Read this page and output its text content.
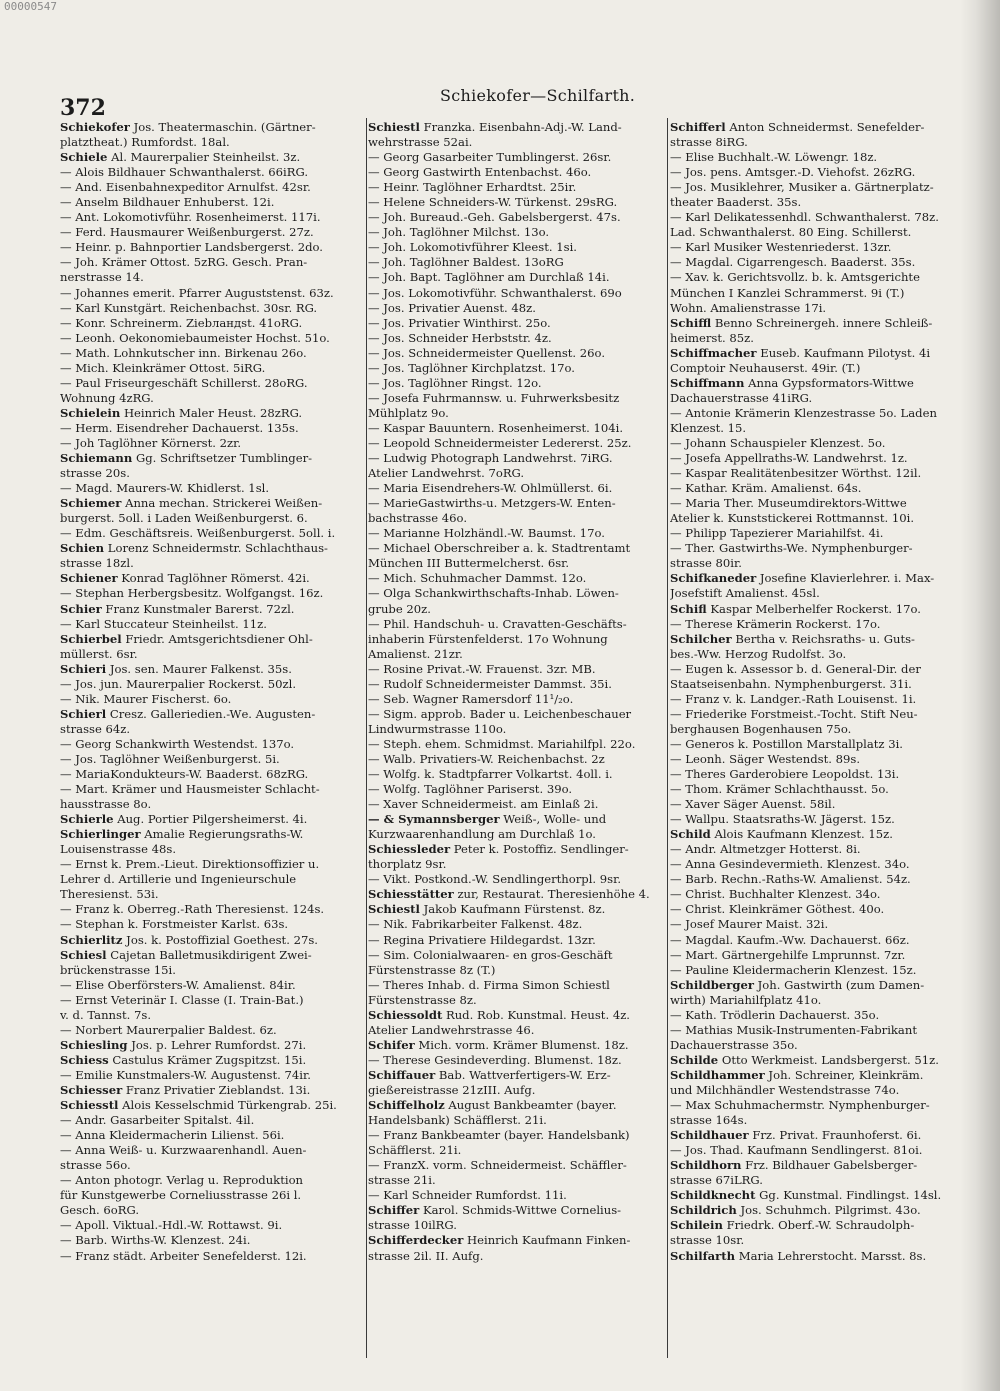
00000547
372	Schiekofer—Schilfarth.
Schiekofer Jos. Theatermaschin. (Gärtner-
platztheat.) Rumfordst. 18al.
Schiele Al. Maurerpalier Steinheilst. 3z.
— Alois Bildhauer Schwanthalerst. 66iRG.
— And. Eisenbahnexpeditor Arnulfst. 42sr.
— Anselm Bildhauer Enhuberst. 12i.
— Ant. Lokomotivführ. Rosenheimerst. 117i.
— Ferd. Hausmaurer Weißenburgerst. 27z.
— Heinr. p. Bahnportier Landsbergerst. 2do.
— Joh. Krämer Ottost. 5zRG. Gesch. Pran-
nerstrasse 14.
— Johannes emerit. Pfarrer Auguststenst. 63z.
— Karl Kunstgärt. Reichenbachst. 30sr. RG.
— Konr. Schreinerm. Ziebландst. 41oRG.
— Leonh. Oekonomiebaumeister Hochst. 51o.
— Math. Lohnkutscher inn. Birkenau 26o.
— Mich. Kleinkrämer Ottost. 5iRG.
— Paul Friseurgeschäft Schillerst. 28oRG.
Wohnung 4zRG.
Schielein Heinrich Maler Heust. 28zRG.
— Herm. Eisendreher Dachauerst. 135s.
— Joh Taglöhner Körnerst. 2zr.
Schiemann Gg. Schriftsetzer Tumblinger-
strasse 20s.
— Magd. Maurers-W. Khidlerst. 1sl.
Schiemer Anna mechan. Strickerei Weißen-
burgerst. 5oll. i Laden Weißenburgerst. 6.
— Edm. Geschäftsreis. Weißenburgerst. 5oll. i.
Schien Lorenz Schneidermstr. Schlachthaus-
strasse 18zl.
Schiener Konrad Taglöhner Römerst. 42i.
— Stephan Herbergsbesitz. Wolfgangst. 16z.
Schier Franz Kunstmaler Barerst. 72zl.
— Karl Stuccateur Steinheilst. 11z.
Schierbel Friedr. Amtsgerichtsdiener Ohl-
müllerst. 6sr.
Schieri Jos. sen. Maurer Falkenst. 35s.
— Jos. jun. Maurerpalier Rockerst. 50zl.
— Nik. Maurer Fischerst. 6o.
Schierl Cresz. Galleriedien.-Wе. Augusten-
strasse 64z.
— Georg Schankwirth Westendst. 137o.
— Jos. Taglöhner Weißenburgerst. 5i.
— MariaKondukteurs-W. Baaderst. 68zRG.
— Mart. Krämer und Hausmeister Schlacht-
hausstrasse 8o.
Schierle Aug. Portier Pilgersheimerst. 4i.
Schierlinger Amalie Regierungsraths-W.
Louisenstrasse 48s.
— Ernst k. Prem.-Lieut. Direktionsoffizier u.
Lehrer d. Artillerie und Ingenieurschule
Theresienst. 53i.
— Franz k. Oberreg.-Rath Theresienst. 124s.
— Stephan k. Forstmeister Karlst. 63s.
Schierlitz Jos. k. Postoffizial Goethest. 27s.
Schiesl Cajetan Balletmusikdirigent Zwei-
brückenstrasse 15i.
— Elise Oberförsters-W. Amalienst. 84ir.
— Ernst Veterinär I. Classe (I. Train-Bat.)
v. d. Tannst. 7s.
— Norbert Maurerpalier Baldest. 6z.
Schiesling Jos. p. Lehrer Rumfordst. 27i.
Schiess Castulus Krämer Zugspitzst. 15i.
— Emilie Kunstmalers-W. Augustenst. 74ir.
Schiesser Franz Privatier Zieblandst. 13i.
Schiesstl Alois Kesselschmid Türkengrab. 25i.
— Andr. Gasarbeiter Spitalst. 4il.
— Anna Kleidermacherin Lilienst. 56i.
— Anna Weiß- u. Kurzwaarenhandl. Auen-
strasse 56o.
— Anton photogr. Verlag u. Reproduktion
für Kunstgewerbe Corneliusstrasse 26i l.
Gesch. 6oRG.
— Apoll. Viktual.-Hdl.-W. Rottawst. 9i.
— Barb. Wirths-W. Klenzest. 24i.
— Franz städt. Arbeiter Senefelderst. 12i.
Schiestl Franzka. Eisenbahn-Adj.-W. Land-
wehrstrasse 52ai.
— Georg Gasarbeiter Tumblingerst. 26sr.
— Georg Gastwirth Entenbachst. 46o.
— Heinr. Taglöhner Erhardtst. 25ir.
— Helene Schneiders-W. Türkenst. 29sRG.
— Joh. Bureaud.-Geh. Gabelsbergerst. 47s.
— Joh. Taglöhner Milchst. 13o.
— Joh. Lokomotivführer Kleest. 1si.
— Joh. Taglöhner Baldest. 13oRG
— Joh. Bapt. Taglöhner am Durchlaß 14i.
— Jos. Lokomotivführ. Schwanthalerst. 69o
— Jos. Privatier Auenst. 48z.
— Jos. Privatier Winthirst. 25o.
— Jos. Schneider Herbststr. 4z.
— Jos. Schneidermeister Quellenst. 26o.
— Jos. Taglöhner Kirchplatzst. 17o.
— Jos. Taglöhner Ringst. 12o.
— Josefa Fuhrmannsw. u. Fuhrwerksbesitz
Mühlplatz 9o.
— Kaspar Bauuntern. Rosenheimerst. 104i.
— Leopold Schneidermeister Ledererst. 25z.
— Ludwig Photograph Landwehrst. 7iRG.
Atelier Landwehrst. 7oRG.
— Maria Eisendrehers-W. Ohlmüllerst. 6i.
— MarieGastwirths-u. Metzgers-W. Enten-
bachstrasse 46o.
— Marianne Holzhändl.-W. Baumst. 17o.
— Michael Oberschreiber a. k. Stadtrentamt
München III Buttermelcherst. 6sr.
— Mich. Schuhmacher Dammst. 12o.
— Olga Schankwirthschafts-Inhab. Löwen-
grube 20z.
— Phil. Handschuh- u. Cravatten-Geschäfts-
inhaberin Fürstenfelderst. 17o Wohnung
Amalienst. 21zr.
— Rosine Privat.-W. Frauenst. 3zr. MB.
— Rudolf Schneidermeister Dammst. 35i.
— Seb. Wagner Ramersdorf 11¹/₂o.
— Sigm. approb. Bader u. Leichenbeschauer
Lindwurmstrasse 110o.
— Steph. ehem. Schmidmst. Mariahilfpl. 22o.
— Walb. Privatiers-W. Reichenbachst. 2z
— Wolfg. k. Stadtpfarrer Volkartst. 4oll. i.
— Wolfg. Taglöhner Pariserst. 39o.
— Xaver Schneidermeist. am Einlaß 2i.
— & Symannsberger Weiß-, Wolle- und
Kurzwaarenhandlung am Durchlaß 1o.
Schiessleder Peter k. Postoffiz. Sendlinger-
thorplatz 9sr.
— Vikt. Postkond.-W. Sendlingerthorpl. 9sr.
Schiesstätter zur, Restaurat. Theresienhöhe 4.
Schiestl Jakob Kaufmann Fürstenst. 8z.
— Nik. Fabrikarbeiter Falkenst. 48z.
— Regina Privatiere Hildegardst. 13zr.
— Sim. Colonialwaaren- en gros-Geschäft
Fürstenstrasse 8z (T.)
— Theres Inhab. d. Firma Simon Schiestl
Fürstenstrasse 8z.
Schiessoldt Rud. Rob. Kunstmal. Heust. 4z.
Atelier Landwehrstrasse 46.
Schifer Mich. vorm. Krämer Blumenst. 18z.
— Therese Gesindeverding. Blumenst. 18z.
Schiffauer Bab. Wattverfertigers-W. Erz-
gießereistrasse 21zIII. Aufg.
Schiffelholz August Bankbeamter (bayer.
Handelsbank) Schäfflerst. 21i.
— Franz Bankbeamter (bayer. Handelsbank)
Schäfflerst. 21i.
— FranzX. vorm. Schneidermeist. Schäffler-
strasse 21i.
— Karl Schneider Rumfordst. 11i.
Schiffer Karol. Schmids-Wittwe Cornelius-
strasse 10ilRG.
Schifferdecker Heinrich Kaufmann Finken-
strasse 2il. II. Aufg.
Schifferl Anton Schneidermst. Senefelder-
strasse 8iRG.
— Elise Buchhalt.-W. Löwengr. 18z.
— Jos. pens. Amtsger.-D. Viehofst. 26zRG.
— Jos. Musiklehrer, Musiker a. Gärtnerplatz-
theater Baaderst. 35s.
— Karl Delikatessenhdl. Schwanthalerst. 78z.
Lad. Schwanthalerst. 80 Eing. Schillerst.
— Karl Musiker Westenriederst. 13zr.
— Magdal. Cigarrengesch. Baaderst. 35s.
— Xav. k. Gerichtsvollz. b. k. Amtsgerichte
München I Kanzlei Schrammerst. 9i (T.)
Wohn. Amalienstrasse 17i.
Schiffl Benno Schreinergeh. innere Schleiß-
heimerst. 85z.
Schiffmacher Eusеb. Kaufmann Pilotyst. 4i
Comptoir Neuhauserst. 49ir. (T.)
Schiffmann Anna Gypsformators-Wittwe
Dachauerstrasse 41iRG.
— Antonie Krämerin Klenzestrasse 5o. Laden
Klenzest. 15.
— Johann Schauspieler Klenzest. 5o.
— Josefa Appellraths-W. Landwehrst. 1z.
— Kaspar Realitätenbesitzer Wörthst. 12il.
— Kathar. Kräm. Amalienst. 64s.
— Maria Ther. Museumdirektors-Wittwe
Atelier k. Kunststickerei Rottmannst. 10i.
— Philipp Tapezierer Mariahilfst. 4i.
— Ther. Gastwirths-We. Nymphenburger-
strasse 80ir.
Schifkaneder Josefine Klavierlehrer. i. Max-
Josefstift Amalienst. 45sl.
Schifl Kaspar Melberhelfer Rockerst. 17o.
— Therese Krämerin Rockerst. 17o.
Schilcher Bertha v. Reichsraths- u. Guts-
bes.-Ww. Herzog Rudolfst. 3o.
— Eugen k. Assessor b. d. General-Dir. der
Staatseisenbahn. Nymphenburgerst. 31i.
— Franz v. k. Landger.-Rath Louisenst. 1i.
— Friederike Forstmeist.-Tocht. Stift Neu-
berghausen Bogenhausen 75o.
— Generos k. Postillon Marstallplatz 3i.
— Leonh. Säger Westendst. 89s.
— Theres Garderobiere Leopoldst. 13i.
— Thom. Krämer Schlachthausst. 5o.
— Xaver Säger Auenst. 58il.
— Wallpu. Staatsraths-W. Jägerst. 15z.
Schild Alois Kaufmann Klenzest. 15z.
— Andr. Altmetzger Hotterst. 8i.
— Anna Gesindevermieth. Klenzest. 34o.
— Barb. Rechn.-Raths-W. Amalienst. 54z.
— Christ. Buchhalter Klenzest. 34o.
— Christ. Kleinkrämer Göthest. 40o.
— Josef Maurer Maist. 32i.
— Magdal. Kaufm.-Ww. Dachauerst. 66z.
— Mart. Gärtnergehilfe Lmprunnst. 7zr.
— Pauline Kleidermacherin Klenzest. 15z.
Schildberger Joh. Gastwirth (zum Damen-
wirth) Mariahilfplatz 41o.
— Kath. Trödlerin Dachauerst. 35o.
— Mathias Musik-Instrumenten-Fabrikant
Dachauerstrasse 35o.
Schilde Otto Werkmeist. Landsbergerst. 51z.
Schildhammer Joh. Schreiner, Kleinkräm.
und Milchhändler Westendstrasse 74o.
— Max Schuhmachermstr. Nymphenburger-
strasse 164s.
Schildhauer Frz. Privat. Fraunhoferst. 6i.
— Jos. Thad. Kaufmann Sendlingerst. 81oi.
Schildhorn Frz. Bildhauer Gabelsberger-
strasse 67iLRG.
Schildknecht Gg. Kunstmal. Findlingst. 14sl.
Schildrich Jos. Schuhmch. Pilgrimst. 43o.
Schilein Friedrk. Oberf.-W. Schraudolph-
strasse 10sr.
Schilfarth Maria Lehrerstocht. Marsst. 8s.
